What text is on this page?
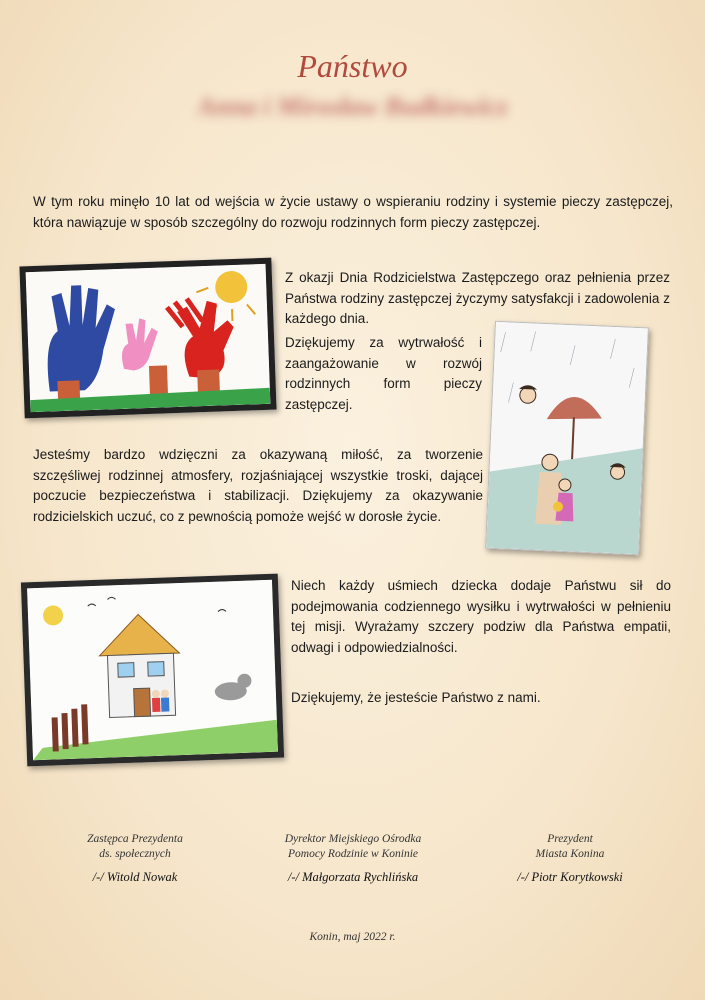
Państwo
Anna i Mirosław Budkiewicz
W tym roku minęło 10 lat od wejścia w życie ustawy o wspieraniu rodziny i systemie pieczy zastępczej, która nawiązuje w sposób szczególny do rozwoju rodzinnych form pieczy zastępczej.
Z okazji Dnia Rodzicielstwa Zastępczego oraz pełnienia przez Państwa rodziny zastępczej życzymy satysfakcji i zadowolenia z każdego dnia.
Dziękujemy za wytrwałość i zaangażowanie w rozwój rodzinnych form pieczy zastępczej.
Jesteśmy bardzo wdzięczni za okazywaną miłość, za tworzenie szczęśliwej rodzinnej atmosfery, rozjaśniającej wszystkie troski, dającej poczucie bezpieczeństwa i stabilizacji. Dziękujemy za okazywanie rodzicielskich uczuć, co z pewnością pomoże wejść w dorosłe życie.
Niech każdy uśmiech dziecka dodaje Państwu sił do podejmowania codziennego wysiłku i wytrwałości w pełnieniu tej misji. Wyrażamy szczery podziw dla Państwa empatii, odwagi i odpowiedzialności.
Dziękujemy, że jesteście Państwo z nami.
Zastępca Prezydenta
ds. społecznych
/-/ Witold Nowak
Dyrektor Miejskiego Ośrodka
Pomocy Rodzinie w Koninie
/-/ Małgorzata Rychlińska
Prezydent
Miasta Konina
/-/ Piotr Korytkowski
Konin, maj 2022 r.
